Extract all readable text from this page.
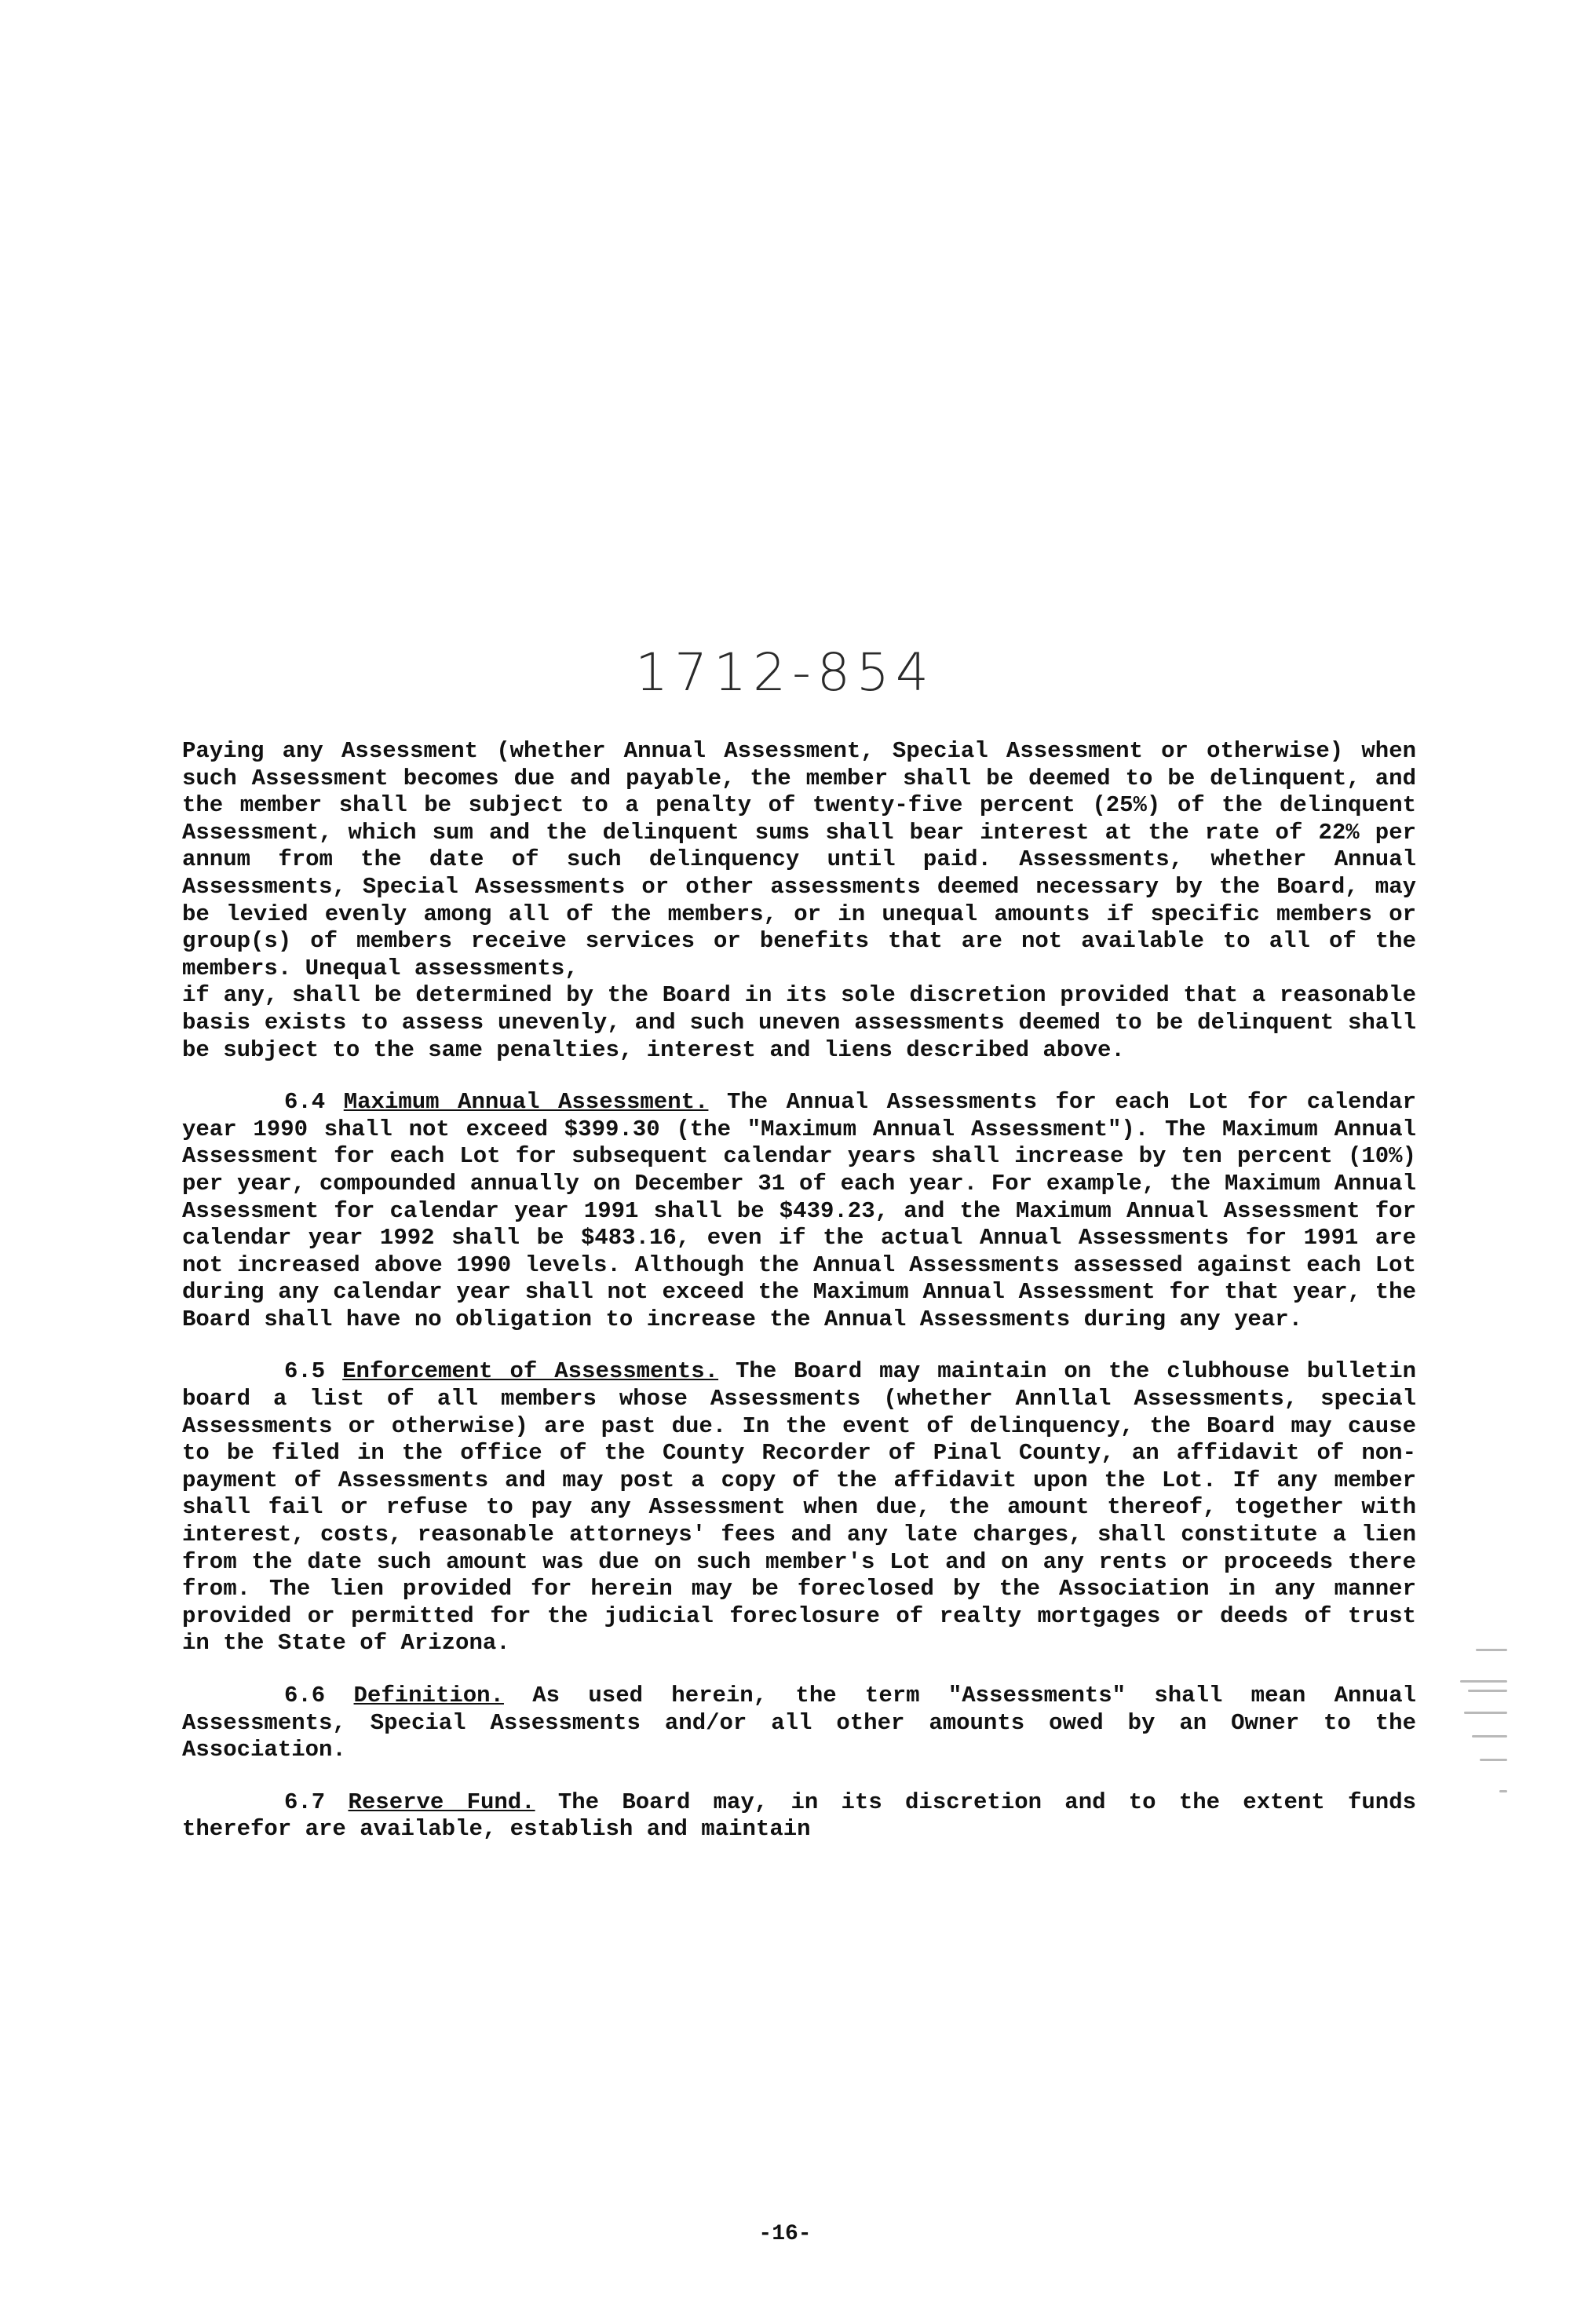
1712-854

Paying any Assessment (whether Annual Assessment, Special Assessment or otherwise) when such Assessment becomes due and payable, the member shall be deemed to be delinquent, and the member shall be subject to a penalty of twenty-five percent (25%) of the delinquent Assessment, which sum and the delinquent sums shall bear interest at the rate of 22% per annum from the date of such delinquency until paid. Assessments, whether Annual Assessments, Special Assessments or other assessments deemed necessary by the Board, may be levied evenly among all of the members, or in unequal amounts if specific members or group(s) of members receive services or benefits that are not available to all of the members. Unequal assessments,

if any, shall be determined by the Board in its sole discretion provided that a reasonable basis exists to assess unevenly, and such uneven assessments deemed to be delinquent shall be subject to the same penalties, interest and liens described above.

6.4 Maximum Annual Assessment. The Annual Assessments for each Lot for calendar year 1990 shall not exceed $399.30 (the "Maximum Annual Assessment"). The Maximum Annual Assessment for each Lot for subsequent calendar years shall increase by ten percent (10%) per year, compounded annually on December 31 of each year. For example, the Maximum Annual Assessment for calendar year 1991 shall be $439.23, and the Maximum Annual Assessment for calendar year 1992 shall be $483.16, even if the actual Annual Assessments for 1991 are not increased above 1990 levels. Although the Annual Assessments assessed against each Lot during any calendar year shall not exceed the Maximum Annual Assessment for that year, the Board shall have no obligation to increase the Annual Assessments during any year.

6.5 Enforcement of Assessments. The Board may maintain on the clubhouse bulletin board a list of all members whose Assessments (whether Annllal Assessments, special Assessments or otherwise) are past due. In the event of delinquency, the Board may cause to be filed in the office of the County Recorder of Pinal County, an affidavit of non-payment of Assessments and may post a copy of the affidavit upon the Lot. If any member shall fail or refuse to pay any Assessment when due, the amount thereof, together with interest, costs, reasonable attorneys' fees and any late charges, shall constitute a lien from the date such amount was due on such member's Lot and on any rents or proceeds there from. The lien provided for herein may be foreclosed by the Association in any manner provided or permitted for the judicial foreclosure of realty mortgages or deeds of trust in the State of Arizona.

6.6 Definition. As used herein, the term "Assessments" shall mean Annual Assessments, Special Assessments and/or all other amounts owed by an Owner to the Association.

6.7 Reserve Fund. The Board may, in its discretion and to the extent funds therefor are available, establish and maintain

-16-
